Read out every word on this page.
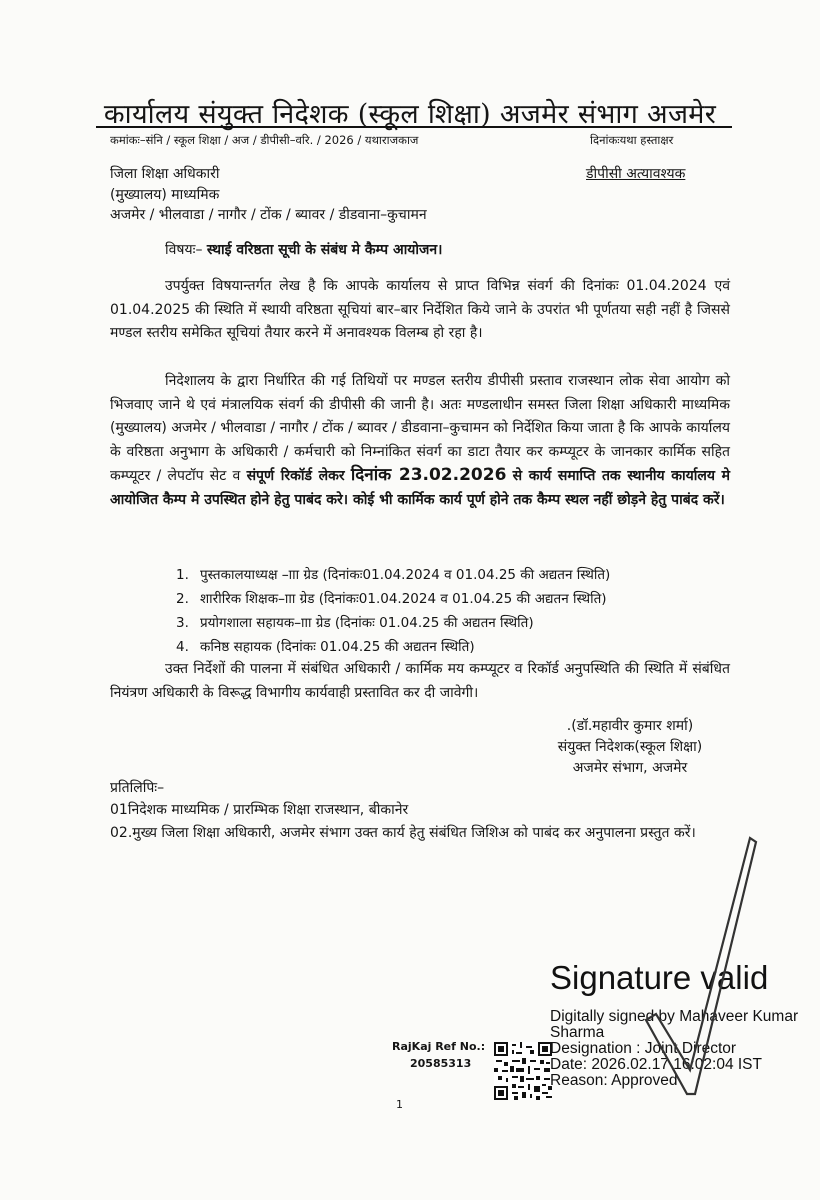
कार्यालय संयुक्त निदेशक (स्कूल शिक्षा) अजमेर संभाग अजमेर
कमांकः–संनि / स्कूल शिक्षा / अज / डीपीसी–वरि. / 2026 / यथाराजकाज	दिनांकःयथा हस्ताक्षर
जिला शिक्षा अधिकारी
(मुख्यालय) माध्यमिक
अजमेर / भीलवाडा / नागौर / टोंक / ब्यावर / डीडवाना–कुचामन
डीपीसी अत्यावश्यक
विषयः– स्थाई वरिष्ठता सूची के संबंध मे कैम्प आयोजन।
उपर्युक्त विषयान्तर्गत लेख है कि आपके कार्यालय से प्राप्त विभिन्न संवर्ग की दिनांकः 01.04.2024 एवं 01.04.2025 की स्थिति में स्थायी वरिष्ठता सूचियां बार–बार निर्देशित किये जाने के उपरांत भी पूर्णतया सही नहीं है जिससे मण्डल स्तरीय समेकित सूचियां तैयार करने में अनावश्यक विलम्ब हो रहा है।
निदेशालय के द्वारा निर्धारित की गई तिथियों पर मण्डल स्तरीय डीपीसी प्रस्ताव राजस्थान लोक सेवा आयोग को भिजवाए जाने थे एवं मंत्रालयिक संवर्ग की डीपीसी की जानी है। अतः मण्डलाधीन समस्त जिला शिक्षा अधिकारी माध्यमिक (मुख्यालय) अजमेर / भीलवाडा / नागौर / टोंक / ब्यावर / डीडवाना–कुचामन को निर्देशित किया जाता है कि आपके कार्यालय के वरिष्ठता अनुभाग के अधिकारी / कर्मचारी को निम्नांकित संवर्ग का डाटा तैयार कर कम्प्यूटर के जानकार कार्मिक सहित कम्प्यूटर / लेपटॉप सेट व संपूर्ण रिकॉर्ड लेकर दिनांक 23.02.2026 से कार्य समाप्ति तक स्थानीय कार्यालय मे आयोजित कैम्प मे उपस्थित होने हेतु पाबंद करे। कोई भी कार्मिक कार्य पूर्ण होने तक कैम्प स्थल नहीं छोड़ने हेतु पाबंद करें।
1. पुस्तकालयाध्यक्ष –ााा ग्रेड (दिनांकः01.04.2024 व 01.04.25 की अद्यतन स्थिति)
2. शारीरिक शिक्षक–ााा ग्रेड (दिनांकः01.04.2024 व 01.04.25 की अद्यतन स्थिति)
3. प्रयोगशाला सहायक–ााा ग्रेड (दिनांकः 01.04.25 की अद्यतन स्थिति)
4. कनिष्ठ सहायक (दिनांकः 01.04.25 की अद्यतन स्थिति)
उक्त निर्देशों की पालना में संबंधित अधिकारी / कार्मिक मय कम्प्यूटर व रिकॉर्ड अनुपस्थिति की स्थिति में संबंधित नियंत्रण अधिकारी के विरूद्ध विभागीय कार्यवाही प्रस्तावित कर दी जावेगी।
.(डॉ.महावीर कुमार शर्मा)
संयुक्त निदेशक(स्कूल शिक्षा)
अजमेर संभाग, अजमेर
प्रतिलिपिः–
01निदेशक माध्यमिक / प्रारम्भिक शिक्षा राजस्थान, बीकानेर
02.मुख्य जिला शिक्षा अधिकारी, अजमेर संभाग उक्त कार्य हेतु संबंधित जिशिअ को पाबंद कर अनुपालना प्रस्तुत करें।
RajKaj Ref No.:
20585313
1
Signature valid
Digitally signed by Mahaveer Kumar
Sharma
Designation : Joint Director
Date: 2026.02.17 16:02:04 IST
Reason: Approved
